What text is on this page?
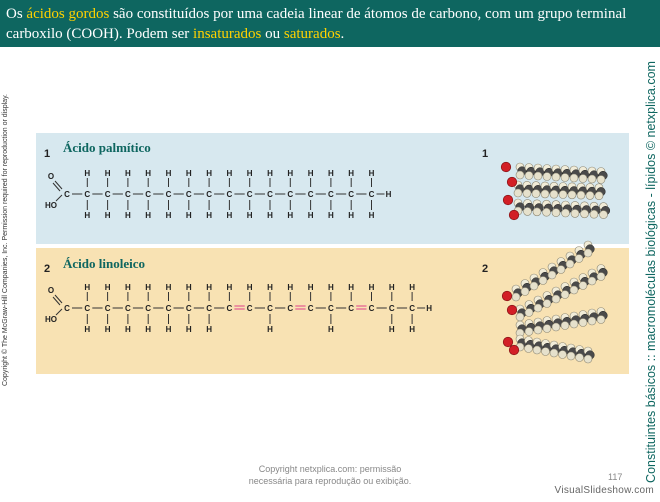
Os ácidos gordos são constituídos por uma cadeia linear de átomos de carbono, com um grupo terminal carboxilo (COOH). Podem ser insaturados ou saturados.
Copyright © The McGraw-Hill Companies, Inc. Permission required for reproduction or display.	Constituintes básicos :: macromoléculas biológicas - lípidos © netxplica.com
1 Ácido palmítico	1
2 Ácido linoleico	2
O
HO
C C
H
H
C
H
H
C
H
H
C
H
H
C
H
H
C
H
H
C
H
H
C
H
H
C
H
H
C
H
H
C
H
H
C
H
H
C
H
H
C
H
H
C
H
H
H
O
HO
C C
H
H
C
H
H
C
H
H
C
H
H
C
H
H
C
H
H
C
H
H
C
H
C
H
C
H
H
C
H
C
H
C
H
H
C
H
C
H
C
H
H
C
H
H
H
Copyright netxplica.com: permissão
necessária para reprodução ou exibição.	117
VisualSlideshow.com
